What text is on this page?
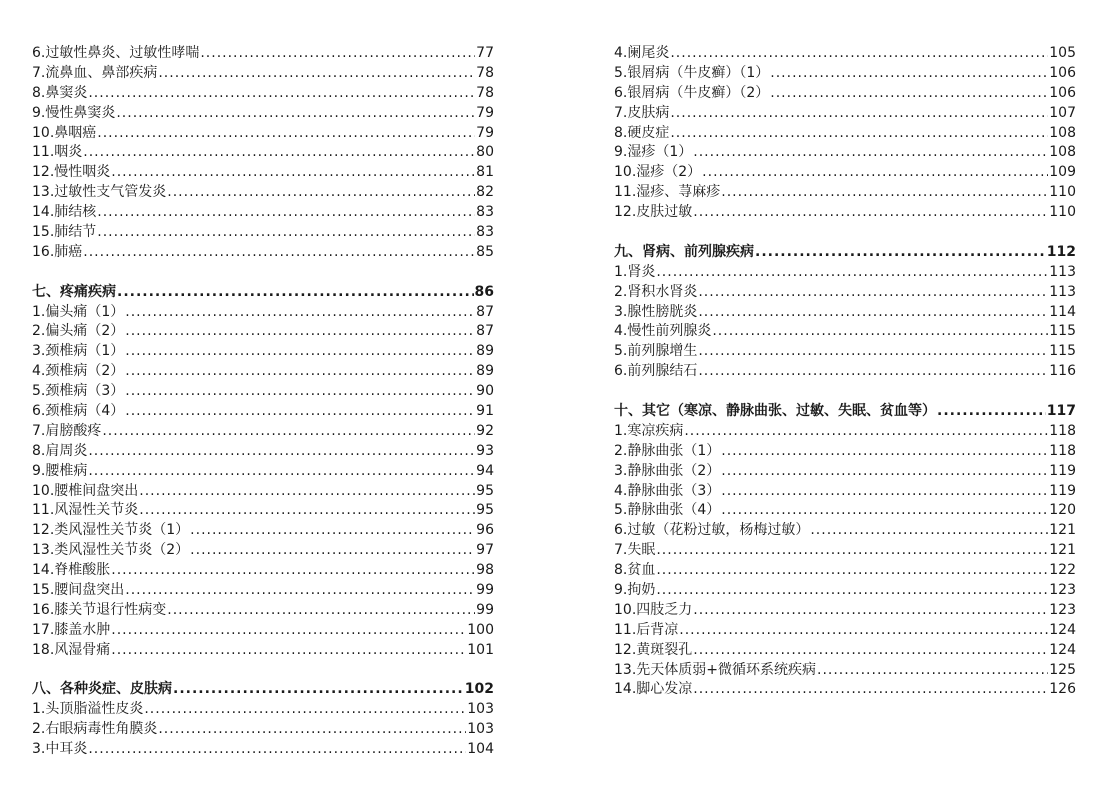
6.过敏性鼻炎、过敏性哮喘 .....	77
7.流鼻血、鼻部疾病 .....	78
8.鼻窦炎 .....	78
9.慢性鼻窦炎 .....	79
10.鼻咽癌 .....	79
11.咽炎 .....	80
12.慢性咽炎 .....	81
13.过敏性支气管发炎 .....	82
14.肺结核 .....	83
15.肺结节 .....	83
16.肺癌 .....	85
七、疼痛疾病 .....	86
1.偏头痛（1） .....	87
2.偏头痛（2） .....	87
3.颈椎病（1） .....	89
4.颈椎病（2） .....	89
5.颈椎病（3） .....	90
6.颈椎病（4） .....	91
7.肩膀酸疼 .....	92
8.肩周炎 .....	93
9.腰椎病 .....	94
10.腰椎间盘突出 .....	95
11.风湿性关节炎 .....	95
12.类风湿性关节炎（1） .....	96
13.类风湿性关节炎（2） .....	97
14.脊椎酸胀 .....	98
15.腰间盘突出 .....	99
16.膝关节退行性病变 .....	99
17.膝盖水肿 .....	100
18.风湿骨痛 .....	101
八、各种炎症、皮肤病 .....	102
1.头顶脂溢性皮炎 .....	103
2.右眼病毒性角膜炎 .....	103
3.中耳炎 .....	104
4.阑尾炎 .....	105
5.银屑病（牛皮癣）（1） .....	106
6.银屑病（牛皮癣）（2） .....	106
7.皮肤病 .....	107
8.硬皮症 .....	108
9.湿疹（1） .....	108
10.湿疹（2） .....	109
11.湿疹、荨麻疹 .....	110
12.皮肤过敏 .....	110
九、肾病、前列腺疾病 .....	112
1.肾炎 .....	113
2.肾积水肾炎 .....	113
3.腺性膀胱炎 .....	114
4.慢性前列腺炎 .....	115
5.前列腺增生 .....	115
6.前列腺结石 .....	116
十、其它（寒凉、静脉曲张、过敏、失眠、贫血等） .....	117
1.寒凉疾病 .....	118
2.静脉曲张（1） .....	118
3.静脉曲张（2） .....	119
4.静脉曲张（3） .....	119
5.静脉曲张（4） .....	120
6.过敏（花粉过敏，杨梅过敏） .....	121
7.失眠 .....	121
8.贫血 .....	122
9.拘奶 .....	123
10.四肢乏力 .....	123
11.后背凉 .....	124
12.黄斑裂孔 .....	124
13.先天体质弱+微循环系统疾病 .....	125
14.脚心发凉 .....	126
